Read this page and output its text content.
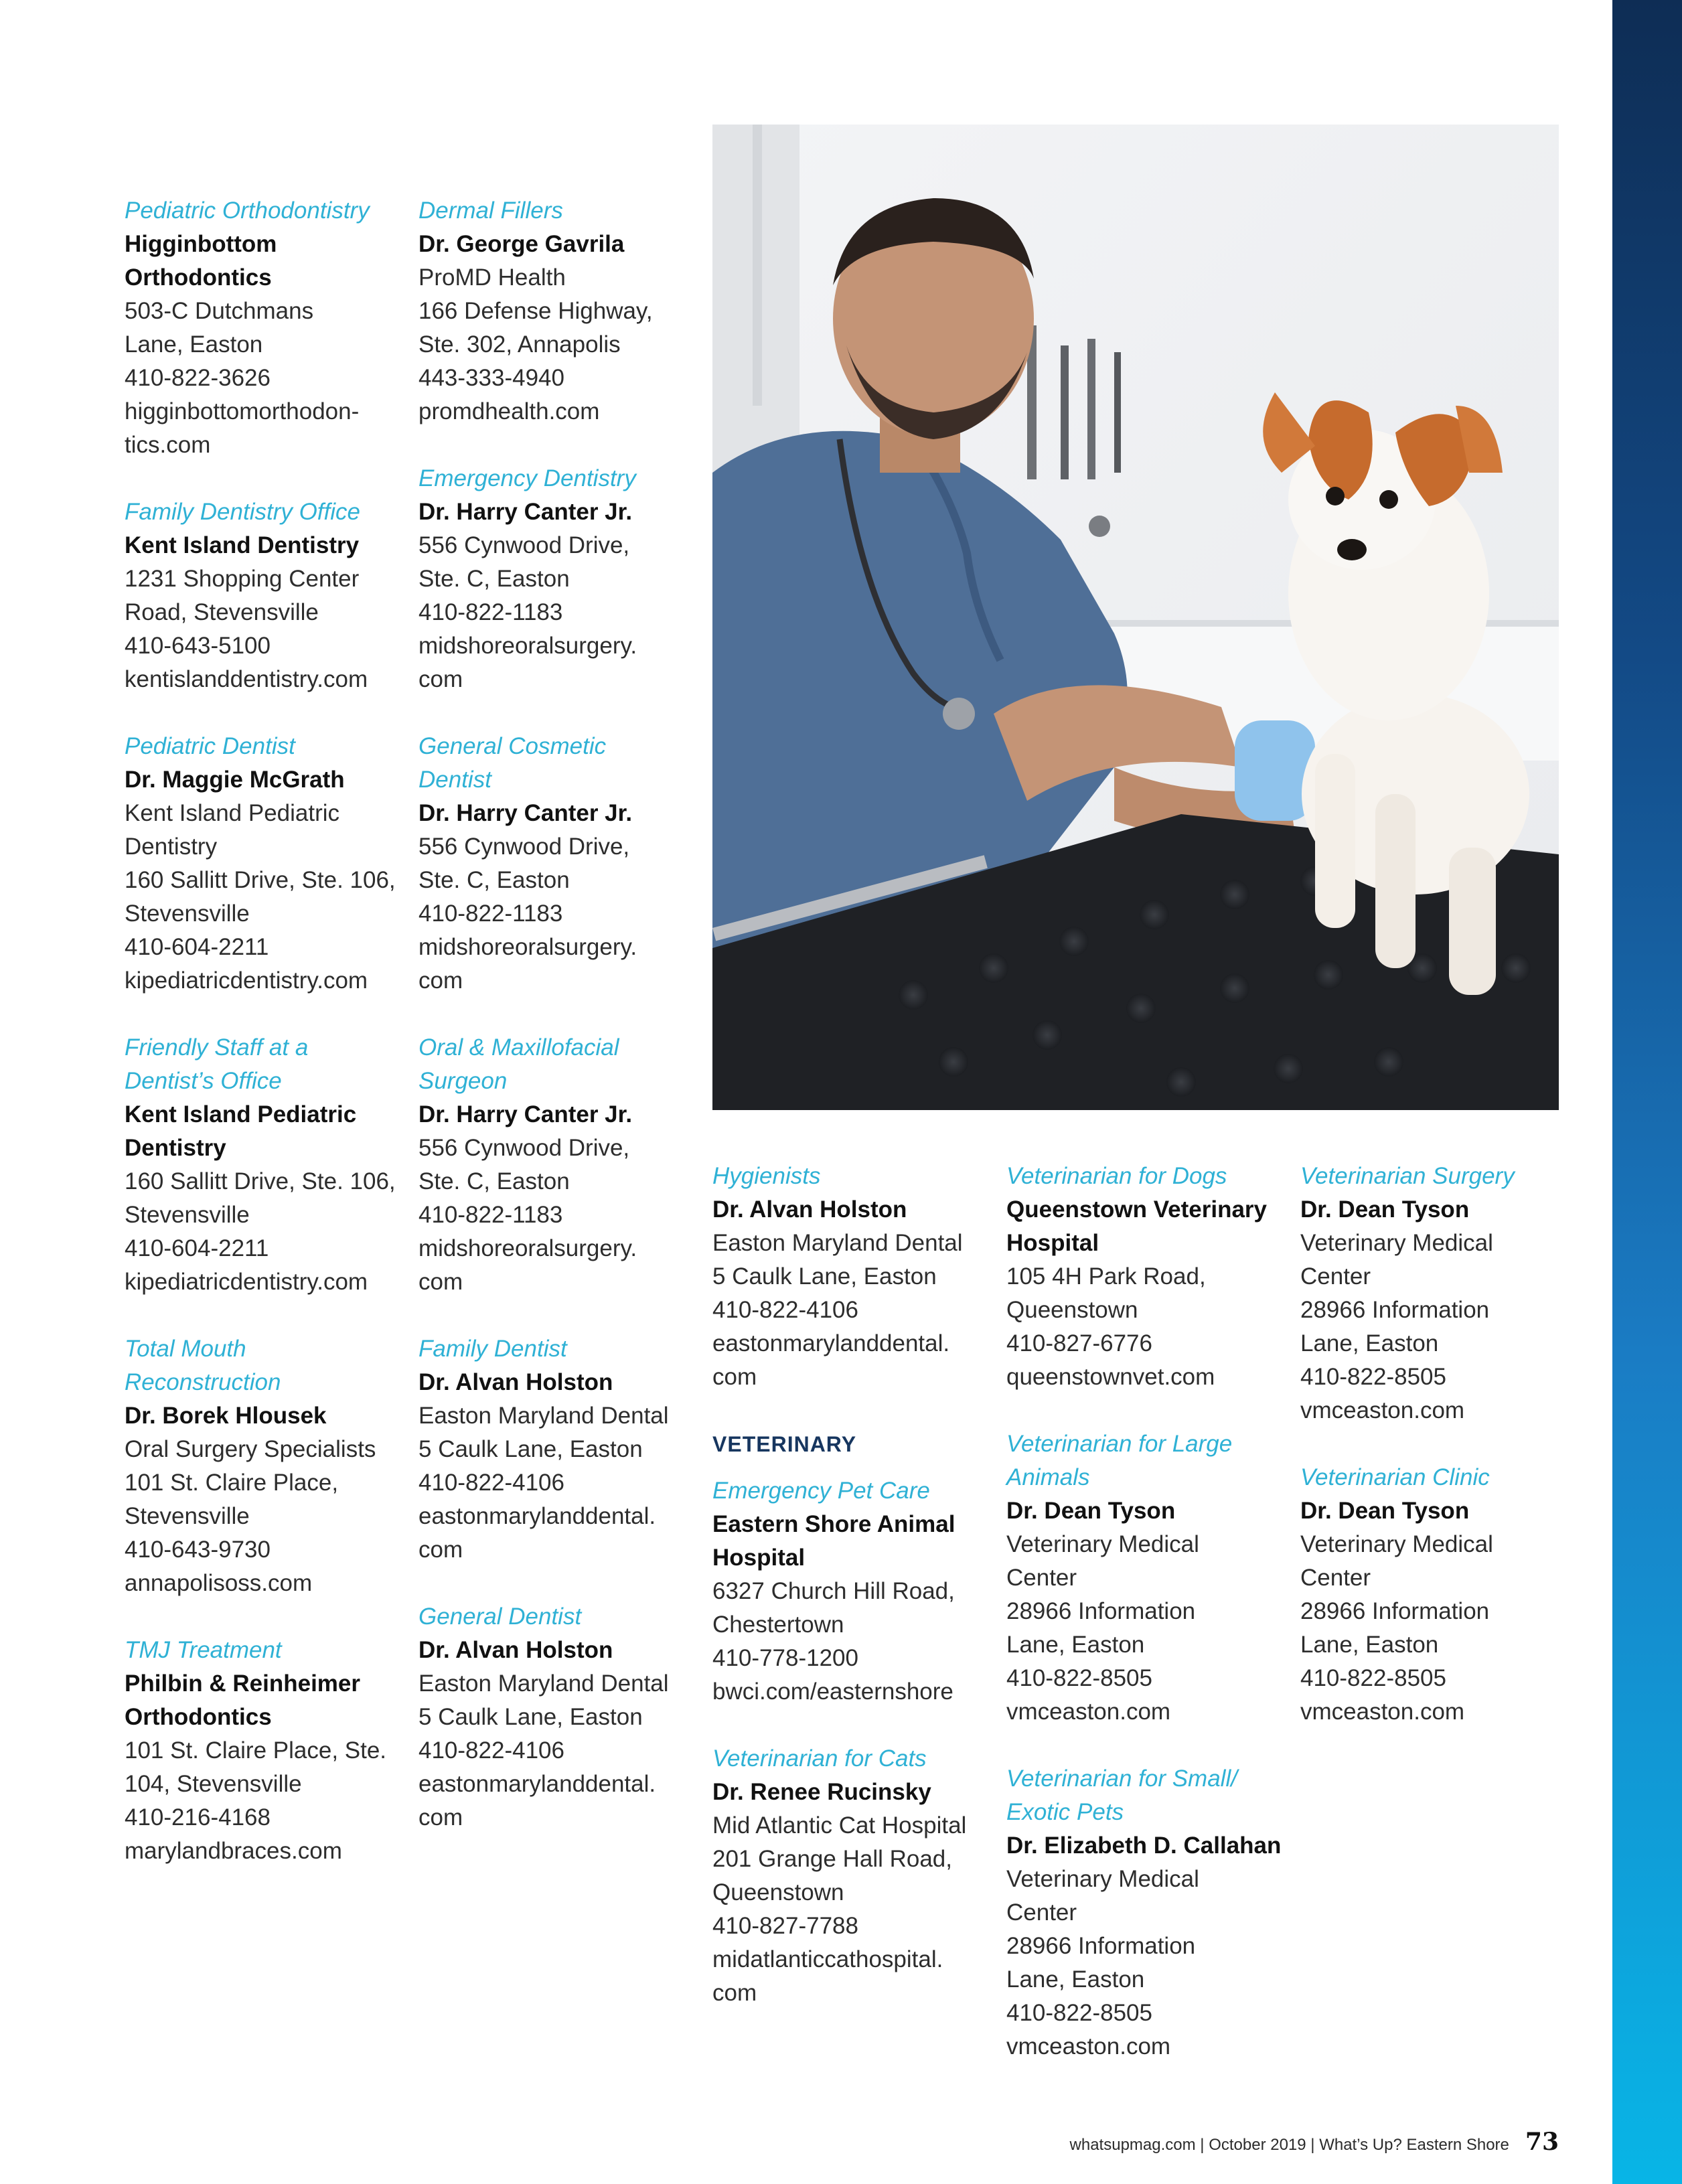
Pediatric Orthodontistry
Higginbottom
Orthodontics
503-C Dutchmans
Lane, Easton
410-822-3626
higginbottomorthodon-
tics.com
Family Dentistry Office
Kent Island Dentistry
1231 Shopping Center
Road, Stevensville
410-643-5100
kentislanddentistry.com
Pediatric Dentist
Dr. Maggie McGrath
Kent Island Pediatric
Dentistry
160 Sallitt Drive, Ste. 106,
Stevensville
410-604-2211
kipediatricdentistry.com
Friendly Staff at a
Dentist’s Office
Kent Island Pediatric
Dentistry
160 Sallitt Drive, Ste. 106,
Stevensville
410-604-2211
kipediatricdentistry.com
Total Mouth
Reconstruction
Dr. Borek Hlousek
Oral Surgery Specialists
101 St. Claire Place,
Stevensville
410-643-9730
annapolisoss.com
TMJ Treatment
Philbin & Reinheimer
Orthodontics
101 St. Claire Place, Ste.
104, Stevensville
410-216-4168
marylandbraces.com
Dermal Fillers
Dr. George Gavrila
ProMD Health
166 Defense Highway,
Ste. 302, Annapolis
443-333-4940
promdhealth.com
Emergency Dentistry
Dr. Harry Canter Jr.
556 Cynwood Drive,
Ste. C, Easton
410-822-1183
midshoreoralsurgery.
com
General Cosmetic
Dentist
Dr. Harry Canter Jr.
556 Cynwood Drive,
Ste. C, Easton
410-822-1183
midshoreoralsurgery.
com
Oral & Maxillofacial
Surgeon
Dr. Harry Canter Jr.
556 Cynwood Drive,
Ste. C, Easton
410-822-1183
midshoreoralsurgery.
com
Family Dentist
Dr. Alvan Holston
Easton Maryland Dental
5 Caulk Lane, Easton
410-822-4106
eastonmarylanddental.
com
General Dentist
Dr. Alvan Holston
Easton Maryland Dental
5 Caulk Lane, Easton
410-822-4106
eastonmarylanddental.
com
Hygienists
Dr. Alvan Holston
Easton Maryland Dental
5 Caulk Lane, Easton
410-822-4106
eastonmarylanddental.
com
VETERINARY
Emergency Pet Care
Eastern Shore Animal
Hospital
6327 Church Hill Road,
Chestertown
410-778-1200
bwci.com/easternshore
Veterinarian for Cats
Dr. Renee Rucinsky
Mid Atlantic Cat Hospital
201 Grange Hall Road,
Queenstown
410-827-7788
midatlanticcathospital.
com
Veterinarian for Dogs
Queenstown Veterinary
Hospital
105 4H Park Road,
Queenstown
410-827-6776
queenstownvet.com
Veterinarian for Large
Animals
Dr. Dean Tyson
Veterinary Medical
Center
28966 Information
Lane, Easton
410-822-8505
vmceaston.com
Veterinarian for Small/
Exotic Pets
Dr. Elizabeth D. Callahan
Veterinary Medical
Center
28966 Information
Lane, Easton
410-822-8505
vmceaston.com
Veterinarian Surgery
Dr. Dean Tyson
Veterinary Medical
Center
28966 Information
Lane, Easton
410-822-8505
vmceaston.com
Veterinarian Clinic
Dr. Dean Tyson
Veterinary Medical
Center
28966 Information
Lane, Easton
410-822-8505
vmceaston.com
whatsupmag.com | October 2019 | What’s Up? Eastern Shore 73
